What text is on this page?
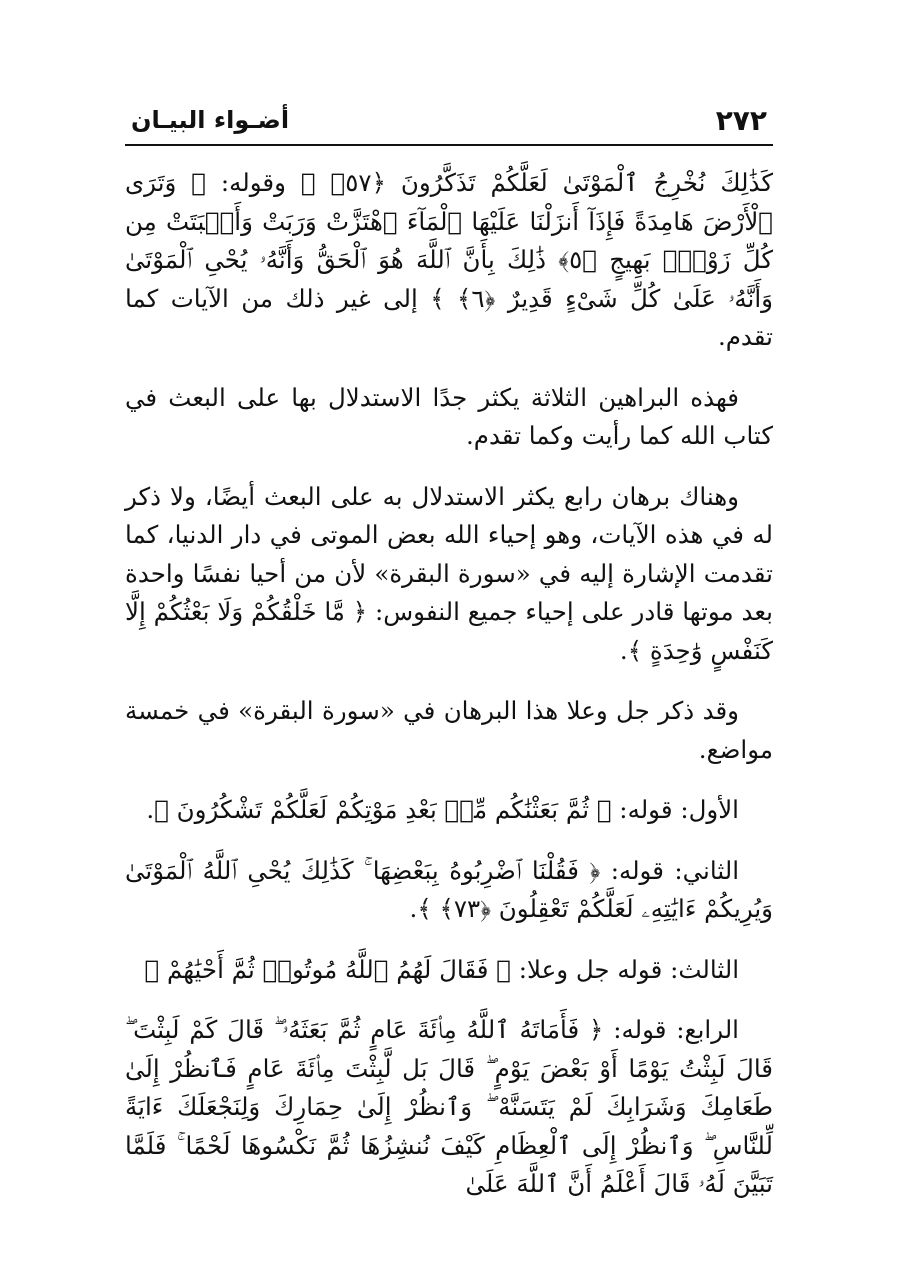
٢٧٢
أضـواء البيـان

كَذَٰلِكَ نُخْرِجُ ٱلْمَوْتَىٰ لَعَلَّكُمْ تَذَكَّرُونَ ﴿٥٧﴾ ﴾ وقوله: ﴿ وَتَرَى ٱلْأَرْضَ هَامِدَةً فَإِذَآ أَنزَلْنَا عَلَيْهَا ٱلْمَآءَ ٱهْتَزَّتْ وَرَبَتْ وَأَنۢبَتَتْ مِن كُلِّ زَوْجٍۭ بَهِيجٍ ﴿٥﴾ ذَٰلِكَ بِأَنَّ ٱللَّهَ هُوَ ٱلْحَقُّ وَأَنَّهُۥ يُحْىِ ٱلْمَوْتَىٰ وَأَنَّهُۥ عَلَىٰ كُلِّ شَىْءٍ قَدِيرٌ ﴿٦﴾ ﴾ إلى غير ذلك من الآيات كما تقدم.

فهذه البراهين الثلاثة يكثر جدًا الاستدلال بها على البعث في كتاب الله كما رأيت وكما تقدم.

وهناك برهان رابع يكثر الاستدلال به على البعث أيضًا، ولا ذكر له في هذه الآيات، وهو إحياء الله بعض الموتى في دار الدنيا، كما تقدمت الإشارة إليه في «سورة البقرة» لأن من أحيا نفسًا واحدة بعد موتها قادر على إحياء جميع النفوس: ﴿ مَّا خَلْقُكُمْ وَلَا بَعْثُكُمْ إِلَّا كَنَفْسٍ وَٰحِدَةٍ ﴾.

وقد ذكر جل وعلا هذا البرهان في «سورة البقرة» في خمسة مواضع.

الأول: قوله: ﴿ ثُمَّ بَعَثْنَٰكُم مِّنۢ بَعْدِ مَوْتِكُمْ لَعَلَّكُمْ تَشْكُرُونَ ﴾.

الثاني: قوله: ﴿ فَقُلْنَا ٱضْرِبُوهُ بِبَعْضِهَا ۚ كَذَٰلِكَ يُحْىِ ٱللَّهُ ٱلْمَوْتَىٰ وَيُرِيكُمْ ءَايَٰتِهِۦ لَعَلَّكُمْ تَعْقِلُونَ ﴿٧٣﴾ ﴾.

الثالث: قوله جل وعلا: ﴿ فَقَالَ لَهُمُ ٱللَّهُ مُوتُوا۟ ثُمَّ أَحْيَٰهُمْ ﴾

الرابع: قوله: ﴿ فَأَمَاتَهُ ٱللَّهُ مِا۟ئَةَ عَامٍ ثُمَّ بَعَثَهُۥ ۖ قَالَ كَمْ لَبِثْتَ ۖ قَالَ لَبِثْتُ يَوْمًا أَوْ بَعْضَ يَوْمٍ ۖ قَالَ بَل لَّبِثْتَ مِا۟ئَةَ عَامٍ فَٱنظُرْ إِلَىٰ طَعَامِكَ وَشَرَابِكَ لَمْ يَتَسَنَّهْ ۖ وَٱنظُرْ إِلَىٰ حِمَارِكَ وَلِنَجْعَلَكَ ءَايَةً لِّلنَّاسِ ۖ وَٱنظُرْ إِلَى ٱلْعِظَامِ كَيْفَ نُنشِزُهَا ثُمَّ نَكْسُوهَا لَحْمًا ۚ فَلَمَّا تَبَيَّنَ لَهُۥ قَالَ أَعْلَمُ أَنَّ ٱللَّهَ عَلَىٰ
